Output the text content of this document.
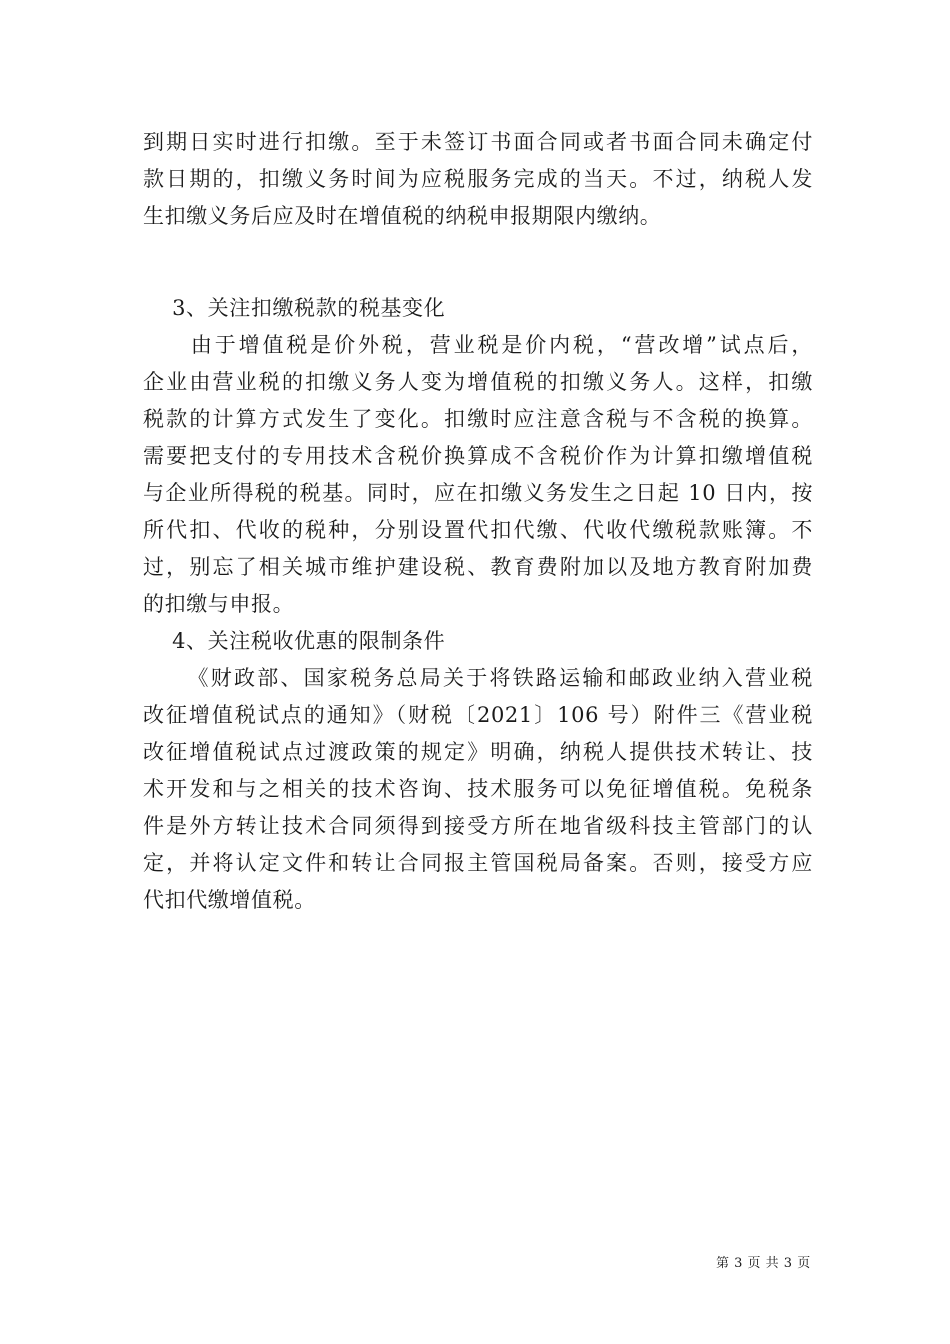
到期日实时进行扣缴。至于未签订书面合同或者书面合同未确定付
款日期的，扣缴义务时间为应税服务完成的当天。不过，纳税人发
生扣缴义务后应及时在增值税的纳税申报期限内缴纳。
3、关注扣缴税款的税基变化
由于增值税是价外税，营业税是价内税，“营改增”试点后，
企业由营业税的扣缴义务人变为增值税的扣缴义务人。这样，扣缴
税款的计算方式发生了变化。扣缴时应注意含税与不含税的换算。
需要把支付的专用技术含税价换算成不含税价作为计算扣缴增值税
与企业所得税的税基。同时，应在扣缴义务发生之日起 10 日内，按
所代扣、代收的税种，分别设置代扣代缴、代收代缴税款账簿。不
过，别忘了相关城市维护建设税、教育费附加以及地方教育附加费
的扣缴与申报。
4、关注税收优惠的限制条件
《财政部、国家税务总局关于将铁路运输和邮政业纳入营业税
改征增值税试点的通知》（财税〔2021〕106 号）附件三《营业税
改征增值税试点过渡政策的规定》明确，纳税人提供技术转让、技
术开发和与之相关的技术咨询、技术服务可以免征增值税。免税条
件是外方转让技术合同须得到接受方所在地省级科技主管部门的认
定，并将认定文件和转让合同报主管国税局备案。否则，接受方应
代扣代缴增值税。
第 3 页 共 3 页
